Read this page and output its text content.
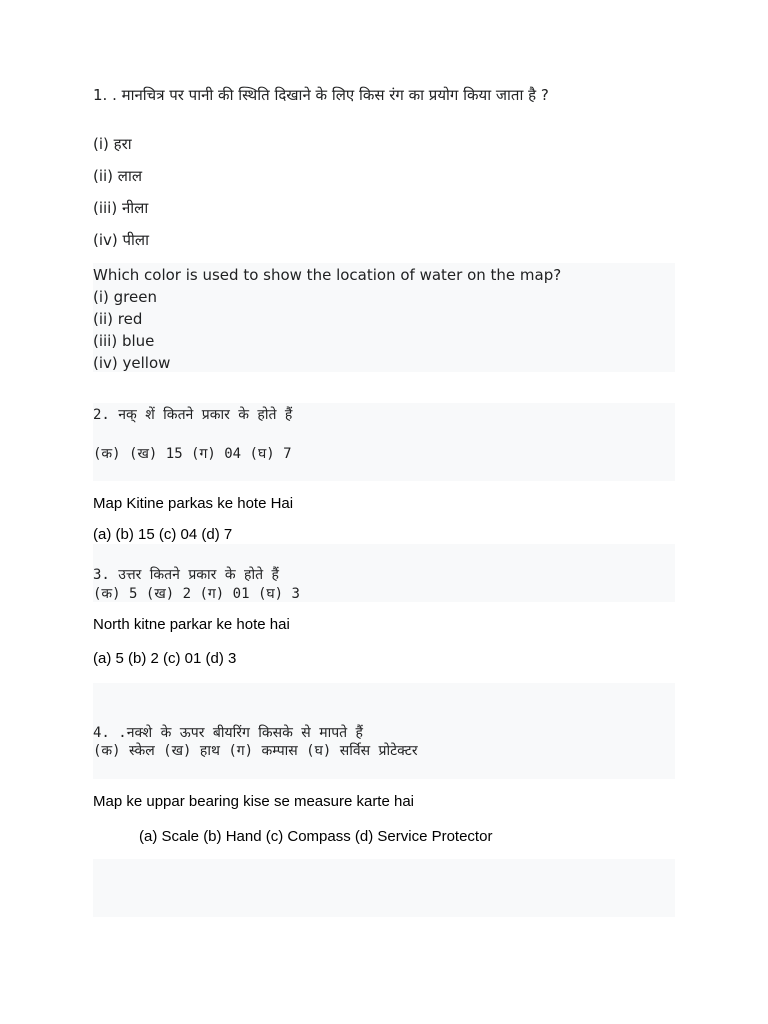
1. . मानचित्र पर पानी की स्थिति दिखाने के लिए किस रंग का प्रयोग किया जाता है ?
(i) हरा
(ii) लाल
(iii) नीला
(iv) पीला
Which color is used to show the location of water on the map?
(i) green
(ii) red
(iii) blue
(iv) yellow
2. नक् शें कितने प्रकार के होते हैं
(क) (ख) 15 (ग) 04 (घ) 7
Map Kitine parkas ke hote Hai
(a) (b) 15 (c) 04 (d) 7
3. उत्तर कितने प्रकार के होते हैं
(क) 5 (ख) 2 (ग) 01 (घ) 3
North kitne parkar ke hote hai
(a) 5 (b) 2 (c) 01 (d) 3
4. .नक्शे के ऊपर बीयरिंग किसके से मापते हैं
(क) स्केल (ख) हाथ (ग) कम्पास (घ) सर्विस प्रोटेक्टर
Map ke uppar bearing kise se measure karte hai
(a) Scale (b) Hand (c) Compass (d) Service Protector
